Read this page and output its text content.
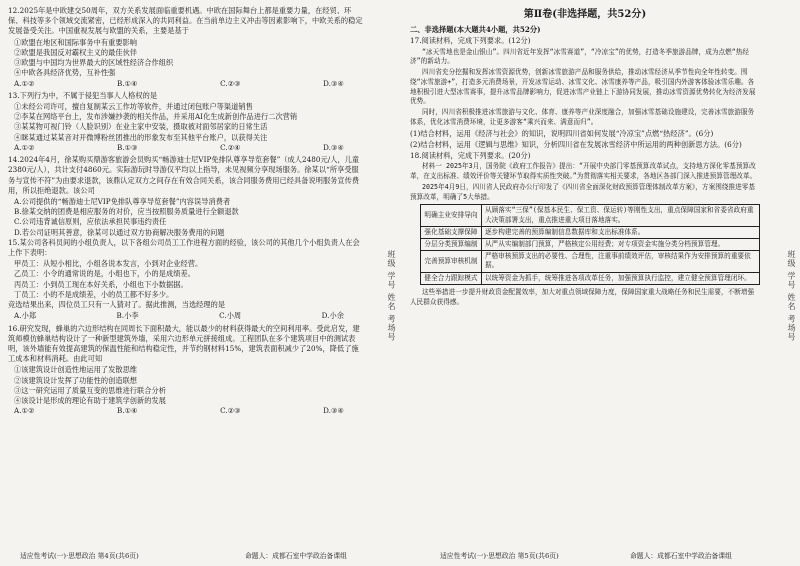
12.2025年是中欧建交50周年，双方关系发展面临重要机遇。中欧在国际舞台上都是重要力量，在经贸、环保、科技等多个领域交流紧密，已经形成深入的共同利益。在当前单边主义冲击等因素影响下，中欧关系的稳定发展备受关注。中国重视发展与欧盟的关系，主要是基于

①欧盟在地区和国际事务中有重要影响

②欧盟是我国反对霸权主义的最佳伙伴

③欧盟与中国均为世界最大的区域性经济合作组织

④中欧各具经济优势，互补性强

A.①②	B.①④	C.②③	D.③④

13.下列行为中，不属于侵犯当事人人格权的是

①未经公司许可，擅自复制某云工作坊等软件，并通过闭包账户等渠道销售

②李某在网络平台上，发布涉嫌抄袭的相关作品，并采用AI化生成新创作品进行二次营销

③某某物可视门铃（人脸识别）在业主家中安装，摄取被对面邻居家的日常生活

④眯某通过某某音对开微博粉丝团推出的形象发布至其他平台账户，以获得关注

A.①②	B.①③	C.②④	D.③④

14.2024年4月，徐某购买鼎游客旅游会员购买“畅游迪士尼VIP免排队尊享导览套餐”（成人2480元/人，儿童2380元/人），共计支付4860元。实际游玩时导游仅平均以上指导，未见视频分享现场服务。徐某以“所享受服务与宣传不符”为由要求退款，该鼎认定双方之间存在有效合同关系，该合同服务费用已经具备说明服务宣传费用，所以拒绝退款。该公司

A.公司提供的“畅游迪士尼VIP免排队尊享导览套餐”内容误导消费者

B.徐某交纳的团费是相应服务的对价，应当按照服务质量进行全额退款

C.公司违背诚信原则，应依法承担民事违约责任

D.若公司证明其善意，徐某可以通过双方协商解决服务费用的问题

15.某公司各科员间的小组负责人，以下各组公司员工工作进程方面的经验，该公司的其他几个小组负责人在会上作下表明：

甲员工：从短小相比，小组各说本发言，小到对企业经营。

乙员工：小令的通常说的是，小组也下，小的是成绩差。

丙员工：小到员工现在本好关系，小组也下小数据据。

丁员工：小的不是成绩差，小的员工都不好多少。

竞选结果出来，四位员工只有一人猜对了。据此推测，当选经理的是

A.小郑	B.小李	C.小周	D.小余

16.研究发现，蜂巢的六边形结构在同周长下面积最大，能以最少的材料获得最大的空间利用率。受此启发，建筑师模仿蜂巢结构设计了一种新型建筑外墙，采用六边形单元拼接组成。工程团队在多个建筑项目中的测试表明，该外墙能有效提高建筑的保温性能和结构稳定性，并节约钢材料15%，建筑表面积减少了20%，降低了施工成本和材料消耗。由此可知

①该建筑设计创造性地运用了发散思维

②该建筑设计发挥了功能性的创造联想

③这一研究运用了质量互变的思维进行联合分析

④该设计是形成的理论有助于建筑学创新的发展

A.①②	B.①④	C.②③	D.③④
班级 学号 姓名 考场号	班级 学号 姓名 考场号
第Ⅱ卷(非选择题，共52分)

二、非选择题(本大题共4小题，共52分)

17.阅读材料，完成下列要求。(12分)

“冰天雪地也是金山银山”。四川省近年发挥“冰雪赛道”，“冷凉宝”的优势，打造冬季旅游品牌，成为点燃“热经济”的新动力。

四川省充分挖掘和发挥冰雪资源优势，创新冰雪旅游产品和服务供给，推动冰雪经济从季节性向全年性转变。围绕“冰雪旅游+”，打造多元消费场景，开发冰雪运动、冰雪文化、冰雪康养等产品，吸引国内外游客体验冰雪乐趣。各地积极引进大型冰雪赛事，提升冰雪品牌影响力，促进冰雪产业链上下游协同发展，推动冰雪资源优势转化为经济发展优势。

同时，四川省积极推进冰雪旅游与文化、体育、康养等产业深度融合，加强冰雪基础设施建设，完善冰雪旅游服务体系，优化冰雪消费环境，让更多游客“乘兴而来、满意而归”。

(1)结合材料，运用《经济与社会》的知识，说明四川省如何发展“冷凉宝”点燃“热经济”。(6分)

(2)结合材料，运用《逻辑与思维》知识，分析四川省在发展冰雪经济中所运用的两种创新思方法。(6分)

18.阅读材料，完成下列要求。(20分)

材料一 2025年3月，国务院《政府工作报告》提出：“开展中央部门零基预算改革试点，支持地方深化零基预算改革，在支出标准、绩效评价等关键环节取得实质性突破。”为贯彻落实相关要求，各地区各部门深入推进预算管理改革。

2025年4月9日，四川省人民政府办公厅印发了《四川省全面深化财政预算管理体制改革方案》，方案围绕推进零基预算改革，明确了5大举措。

明确主业安排导向	从顾落实“三保”(保基本民生、保工资、保运转)等刚性支出，重点保障国家和省委省政府重大决策部署支出，重点推进重大项目落地落实。
强化基础支撑保障	逐步构建完善的预算编制信息数据库和支出标准体系。
分层分类预算编制	从严从实编制部门预算，严格核定公用经费；对专项资金实施分类分档预算管理。
完善预算审核机制	严格审核预算支出的必要性、合理性，注重事前绩效评估，审核结果作为安排预算的重要依据。
健全合力跟踪模式	以统筹资金为抓手，统筹推进各项改革任务，加强预算执行监控，建立健全预算管理闭环。

这些举措进一步提升财政资金配置效率，加大对重点领域保障力度，保障国家重大战略任务和民生需要，不断增强人民群众获得感。

适应性考试(一)·思想政治 第4页(共6页)	命题人：成都石室中学政治备课组	适应性考试(一)·思想政治 第5页(共6页)	命题人：成都石室中学政治备课组
